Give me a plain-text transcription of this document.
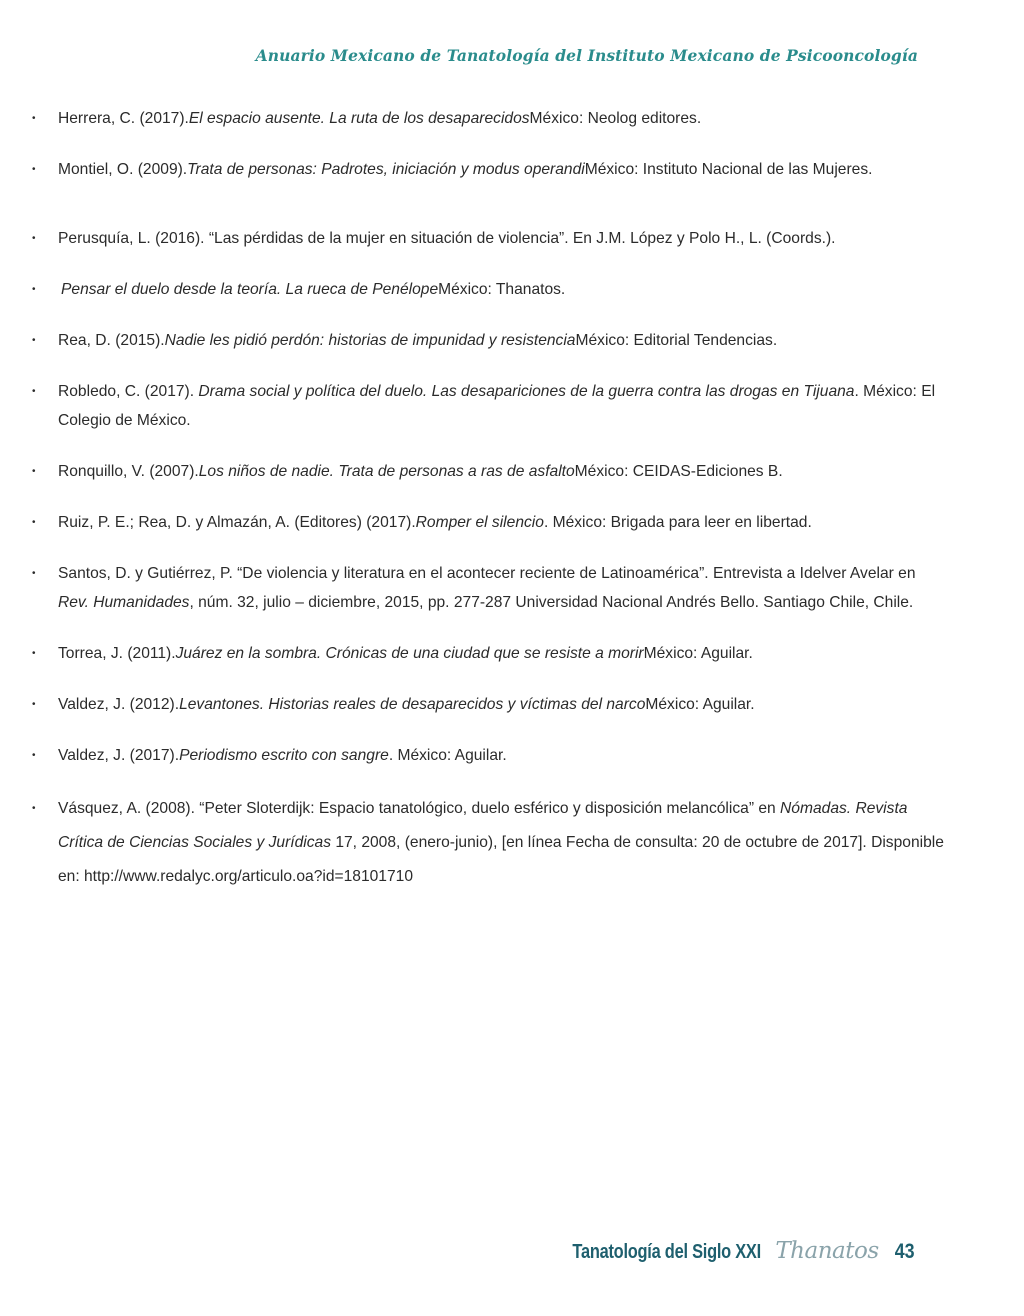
Anuario Mexicano de Tanatología del Instituto Mexicano de Psicooncología
• Herrera, C. (2017).El espacio ausente. La ruta de los desaparecidosMéxico: Neolog editores.
• Montiel, O. (2009).Trata de personas: Padrotes, iniciación y modus operandiMéxico: Instituto Nacional de las Mujeres.
• Perusquía, L. (2016). “Las pérdidas de la mujer en situación de violencia”. En J.M. López y Polo H., L. (Coords.).
• Pensar el duelo desde la teoría. La rueca de PenélopeMéxico: Thanatos.
• Rea, D. (2015).Nadie les pidió perdón: historias de impunidad y resistenciaMéxico: Editorial Tendencias.
• Robledo, C. (2017). Drama social y política del duelo. Las desapariciones de la guerra contra las drogas en Tijuana. México: El Colegio de México.
• Ronquillo, V. (2007).Los niños de nadie. Trata de personas a ras de asfaltoMéxico: CEIDAS-Ediciones B.
• Ruiz, P. E.; Rea, D. y Almazán, A. (Editores) (2017).Romper el silencio. México: Brigada para leer en libertad.
• Santos, D. y Gutiérrez, P. “De violencia y literatura en el acontecer reciente de Latinoamérica”. Entrevista a Idelver Avelar en Rev. Humanidades, núm. 32, julio – diciembre, 2015, pp. 277-287 Universidad Nacional Andrés Bello. Santiago Chile, Chile.
• Torrea, J. (2011).Juárez en la sombra. Crónicas de una ciudad que se resiste a morirMéxico: Aguilar.
• Valdez, J. (2012).Levantones. Historias reales de desaparecidos y víctimas del narcoMéxico: Aguilar.
• Valdez, J. (2017).Periodismo escrito con sangre. México: Aguilar.
• Vásquez, A. (2008). “Peter Sloterdijk: Espacio tanatológico, duelo esférico y disposición melancólica” en Nómadas. Revista Crítica de Ciencias Sociales y Jurídicas 17, 2008, (enero-junio), [en línea Fecha de consulta: 20 de octubre de 2017]. Disponible en: http://www.redalyc.org/articulo.oa?id=18101710
Tanatología del Siglo XXI Thanatos 43
